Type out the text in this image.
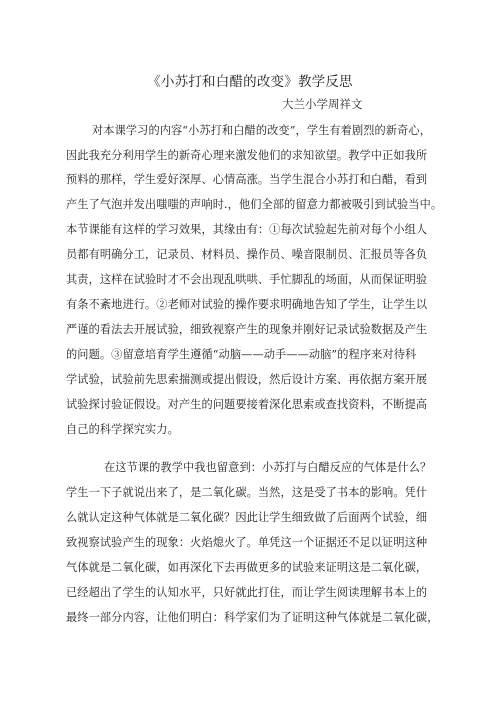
《小苏打和白醋的改变》教学反思
大兰小学周祥文
对本课学习的内容“小苏打和白醋的改变”，学生有着剧烈的新奇心，
因此我充分利用学生的新奇心理来激发他们的求知欲望。教学中正如我所
预料的那样，学生爱好深厚、心情高涨。当学生混合小苏打和白醋，看到
产生了气泡并发出嗤嗤的声响时.，他们全部的留意力都被吸引到试验当中。
本节课能有这样的学习效果，其缘由有：①每次试验起先前对每个小组人
员都有明确分工，记录员、材料员、操作员、噪音限制员、汇报员等各负
其责，这样在试验时才不会出现乱哄哄、手忙脚乱的场面，从而保证明验
有条不紊地进行。②老师对试验的操作要求明确地告知了学生，让学生以
严谨的看法去开展试验，细致视察产生的现象并刚好记录试验数据及产生
的问题。③留意培育学生遵循“动脑——动手——动脑”的程序来对待科
学试验，试验前先思索揣测或提出假设，然后设计方案、再依据方案开展
试验探讨验证假设。对产生的问题要接着深化思索或查找资料，不断提高
自己的科学探究实力。
在这节课的教学中我也留意到：小苏打与白醋反应的气体是什么？
学生一下子就说出来了，是二氧化碳。当然，这是受了书本的影响。凭什
么就认定这种气体就是二氧化碳？因此让学生细致做了后面两个试验，细
致视察试验产生的现象：火焰熄火了。单凭这一个证据还不足以证明这种
气体就是二氧化碳，如再深化下去再做更多的试验来证明这是二氧化碳，
已经超出了学生的认知水平，只好就此打住，而让学生阅读理解书本上的
最终一部分内容，让他们明白：科学家们为了证明这种气体就是二氧化碳，
